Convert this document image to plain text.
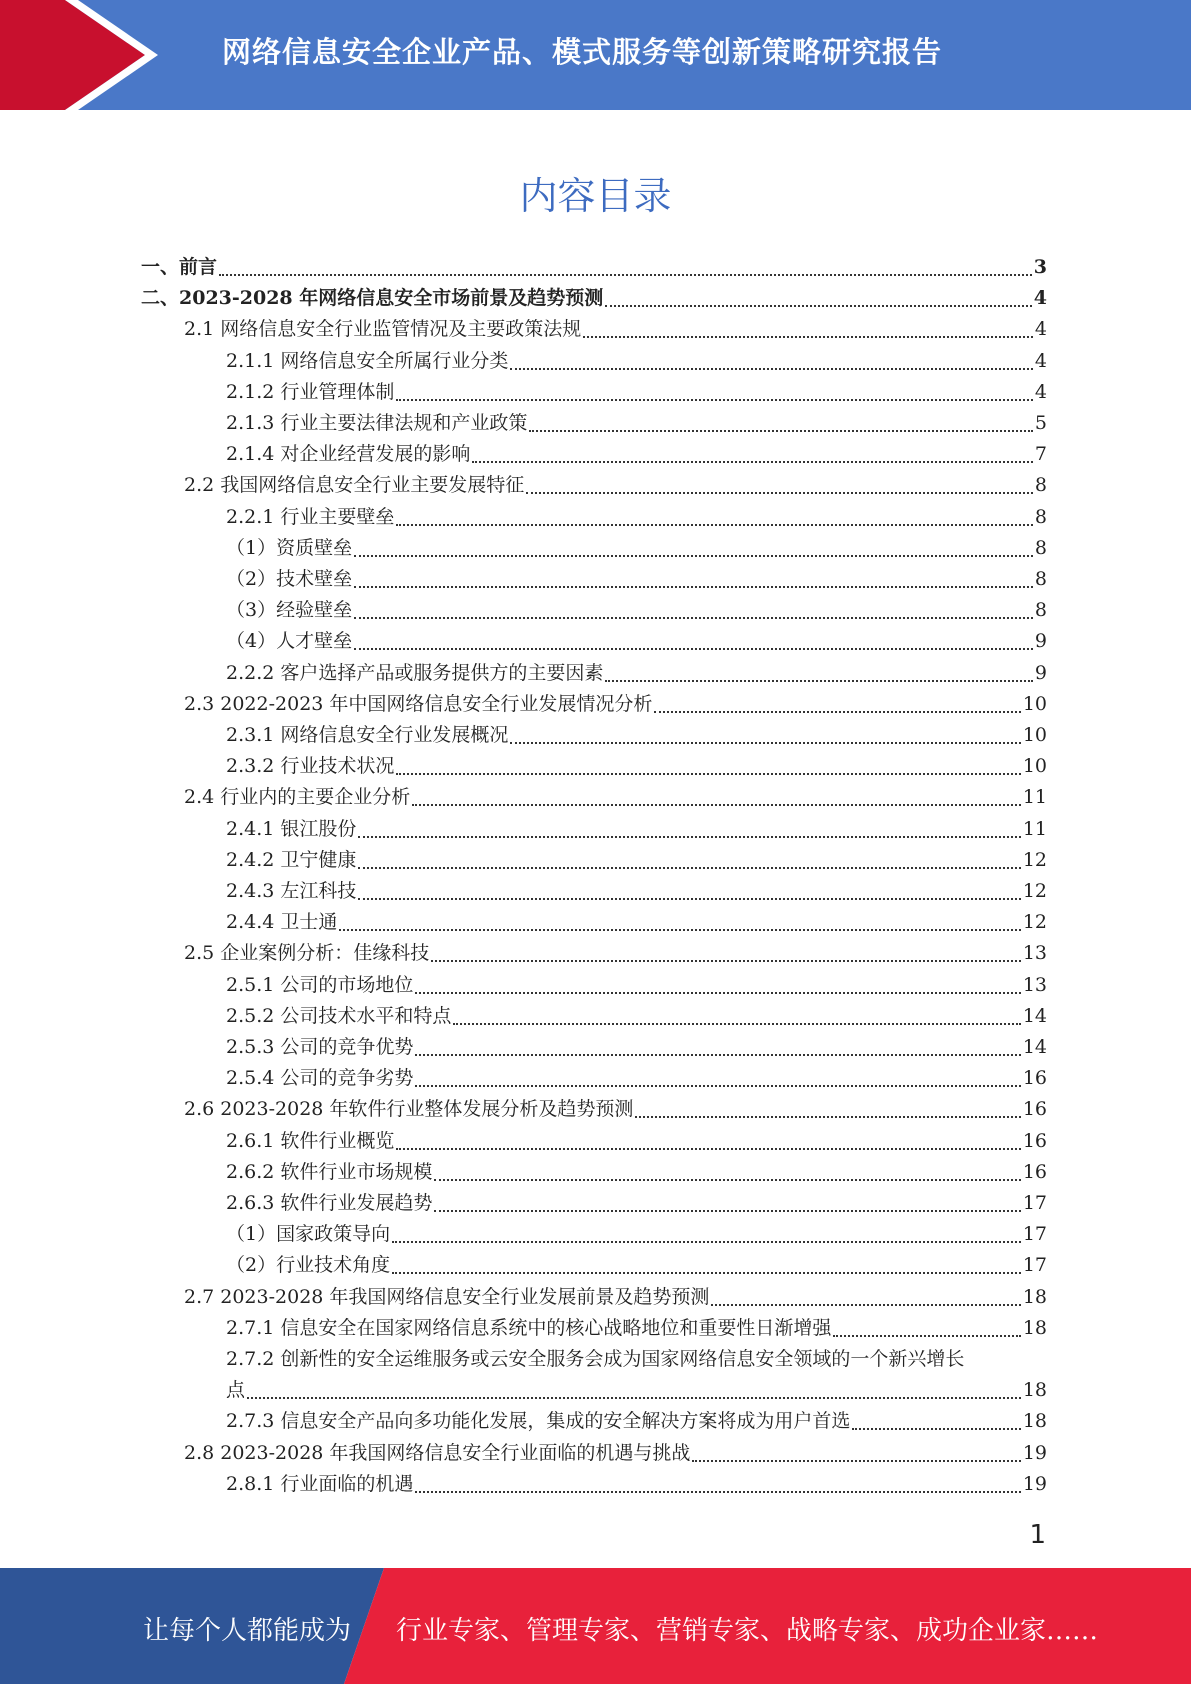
网络信息安全企业产品、模式服务等创新策略研究报告
内容目录
一、前言	3
二、2023-2028 年网络信息安全市场前景及趋势预测	4
2.1 网络信息安全行业监管情况及主要政策法规	4
2.1.1 网络信息安全所属行业分类	4
2.1.2 行业管理体制	4
2.1.3 行业主要法律法规和产业政策	5
2.1.4 对企业经营发展的影响	7
2.2 我国网络信息安全行业主要发展特征	8
2.2.1 行业主要壁垒	8
（1）资质壁垒	8
（2）技术壁垒	8
（3）经验壁垒	8
（4）人才壁垒	9
2.2.2 客户选择产品或服务提供方的主要因素	9
2.3 2022-2023 年中国网络信息安全行业发展情况分析	10
2.3.1 网络信息安全行业发展概况	10
2.3.2 行业技术状况	10
2.4 行业内的主要企业分析	11
2.4.1 银江股份	11
2.4.2 卫宁健康	12
2.4.3 左江科技	12
2.4.4 卫士通	12
2.5 企业案例分析：佳缘科技	13
2.5.1 公司的市场地位	13
2.5.2 公司技术水平和特点	14
2.5.3 公司的竞争优势	14
2.5.4 公司的竞争劣势	16
2.6 2023-2028 年软件行业整体发展分析及趋势预测	16
2.6.1 软件行业概览	16
2.6.2 软件行业市场规模	16
2.6.3 软件行业发展趋势	17
（1）国家政策导向	17
（2）行业技术角度	17
2.7 2023-2028 年我国网络信息安全行业发展前景及趋势预测	18
2.7.1 信息安全在国家网络信息系统中的核心战略地位和重要性日渐增强	18
2.7.2 创新性的安全运维服务或云安全服务会成为国家网络信息安全领域的一个新兴增长
点	18
2.7.3 信息安全产品向多功能化发展，集成的安全解决方案将成为用户首选	18
2.8 2023-2028 年我国网络信息安全行业面临的机遇与挑战	19
2.8.1 行业面临的机遇	19
1
让每个人都能成为 行业专家、管理专家、营销专家、战略专家、成功企业家……
